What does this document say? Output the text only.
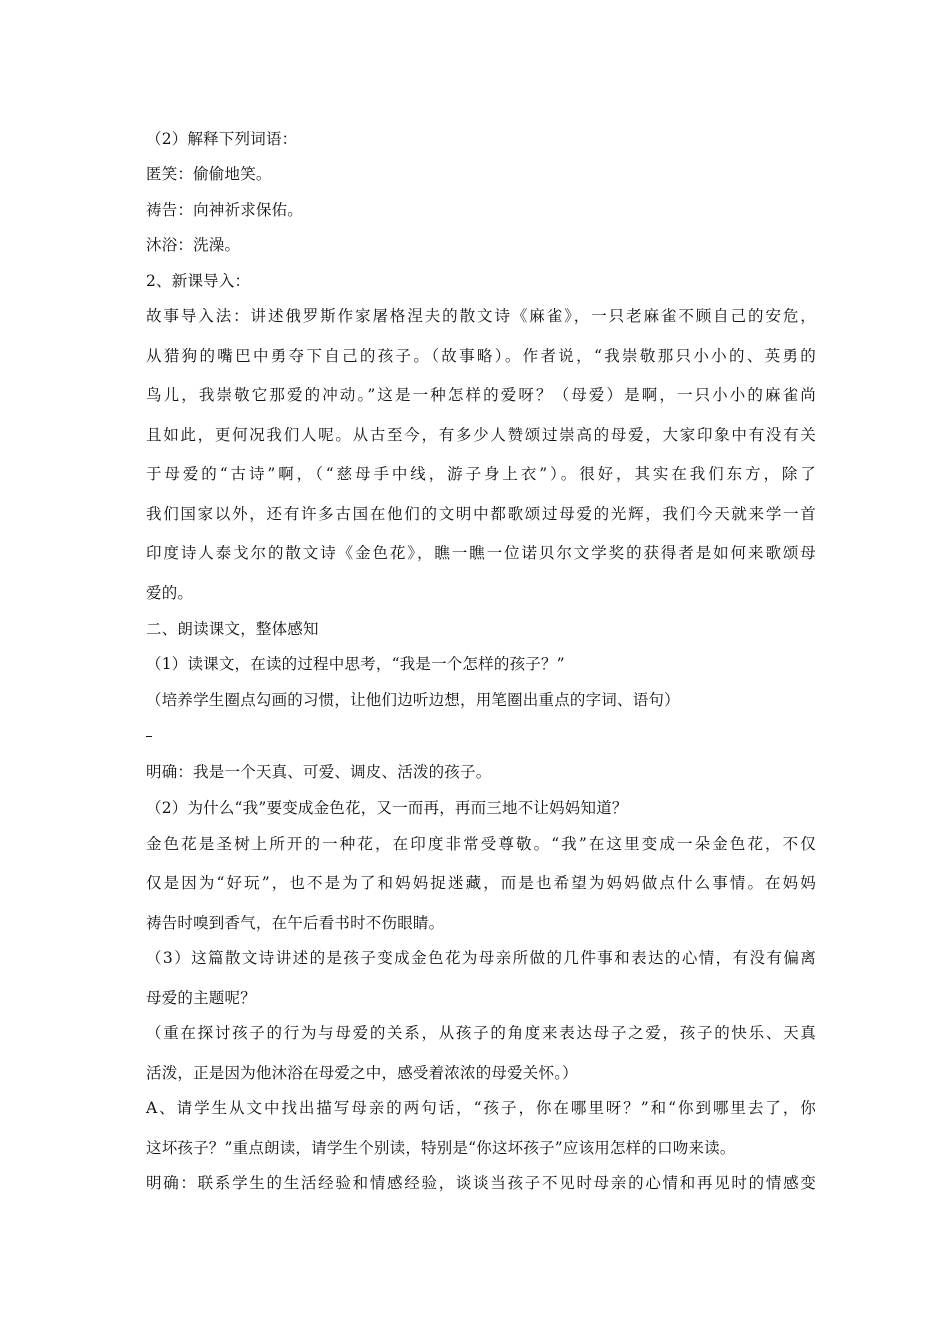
（2）解释下列词语：
匿笑：偷偷地笑。
祷告：向神祈求保佑。
沐浴：洗澡。
2、新课导入：
故事导入法：讲述俄罗斯作家屠格涅夫的散文诗《麻雀》，一只老麻雀不顾自己的安危，
从猎狗的嘴巴中勇夺下自己的孩子。（故事略）。作者说，“我崇敬那只小小的、英勇的
鸟儿，我崇敬它那爱的冲动。”这是一种怎样的爱呀？（母爱）是啊，一只小小的麻雀尚
且如此，更何况我们人呢。从古至今，有多少人赞颂过崇高的母爱，大家印象中有没有关
于母爱的“古诗”啊，（“慈母手中线，游子身上衣”）。很好，其实在我们东方，除了
我们国家以外，还有许多古国在他们的文明中都歌颂过母爱的光辉，我们今天就来学一首
印度诗人泰戈尔的散文诗《金色花》，瞧一瞧一位诺贝尔文学奖的获得者是如何来歌颂母
爱的。
二、朗读课文，整体感知
（1）读课文，在读的过程中思考，“我是一个怎样的孩子？”
（培养学生圈点勾画的习惯，让他们边听边想，用笔圈出重点的字词、语句）
明确：我是一个天真、可爱、调皮、活泼的孩子。
（2）为什么“我”要变成金色花，又一而再，再而三地不让妈妈知道？
金色花是圣树上所开的一种花，在印度非常受尊敬。“我”在这里变成一朵金色花，不仅
仅是因为“好玩”，也不是为了和妈妈捉迷藏，而是也希望为妈妈做点什么事情。在妈妈
祷告时嗅到香气，在午后看书时不伤眼睛。
（3）这篇散文诗讲述的是孩子变成金色花为母亲所做的几件事和表达的心情，有没有偏离
母爱的主题呢？
（重在探讨孩子的行为与母爱的关系，从孩子的角度来表达母子之爱，孩子的快乐、天真
活泼，正是因为他沐浴在母爱之中，感受着浓浓的母爱关怀。）
A、请学生从文中找出描写母亲的两句话，“孩子，你在哪里呀？”和“你到哪里去了，你
这坏孩子？”重点朗读，请学生个别读，特别是“你这坏孩子”应该用怎样的口吻来读。
明确：联系学生的生活经验和情感经验，谈谈当孩子不见时母亲的心情和再见时的情感变
